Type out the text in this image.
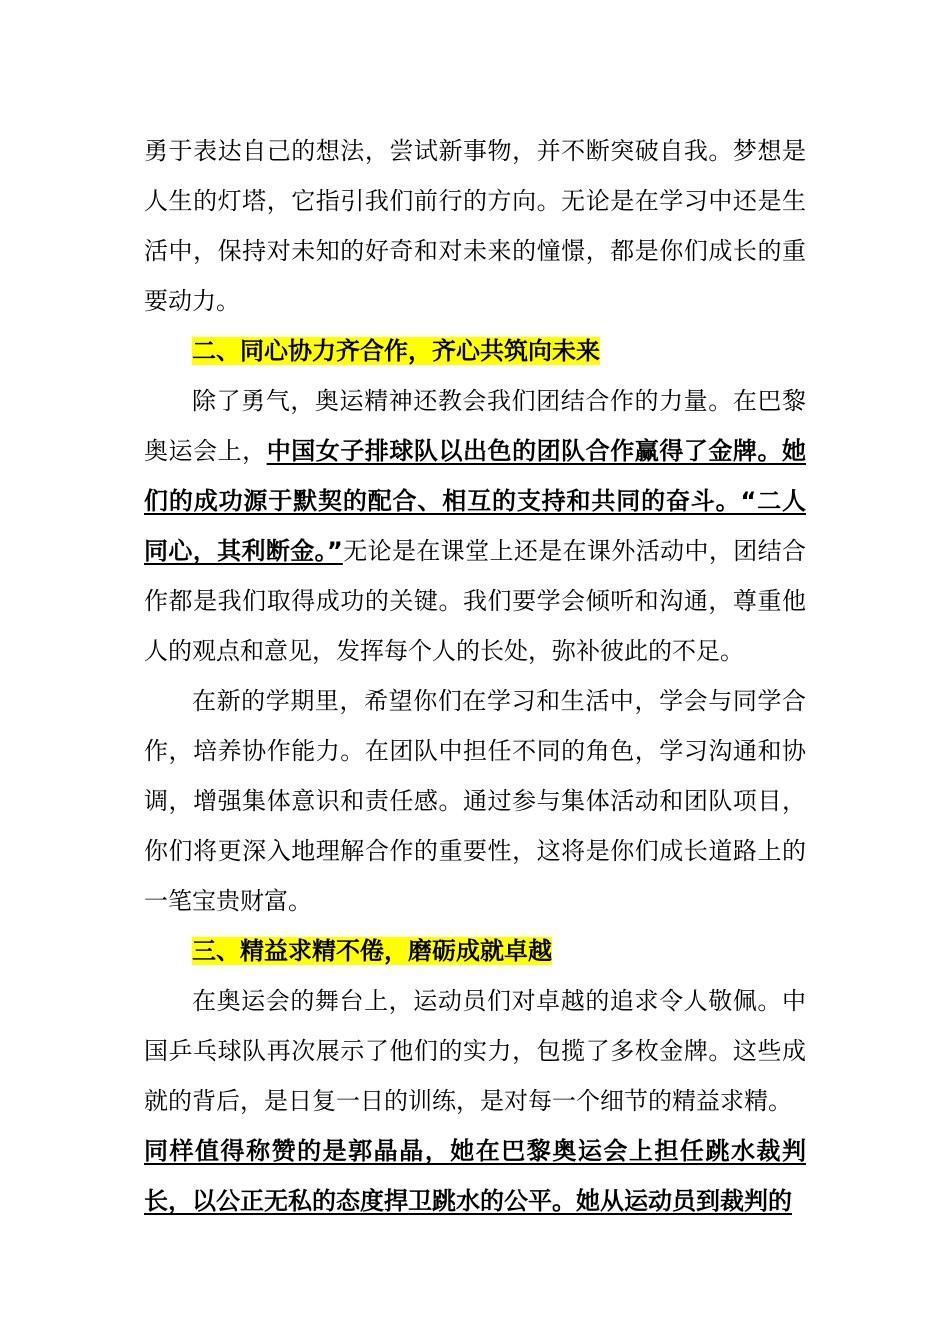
勇于表达自己的想法，尝试新事物，并不断突破自我。梦想是人生的灯塔，它指引我们前行的方向。无论是在学习中还是生活中，保持对未知的好奇和对未来的憧憬，都是你们成长的重要动力。

二、同心协力齐合作，齐心共筑向未来

除了勇气，奥运精神还教会我们团结合作的力量。在巴黎奥运会上，中国女子排球队以出色的团队合作赢得了金牌。她们的成功源于默契的配合、相互的支持和共同的奋斗。“二人同心，其利断金。”无论是在课堂上还是在课外活动中，团结合作都是我们取得成功的关键。我们要学会倾听和沟通，尊重他人的观点和意见，发挥每个人的长处，弥补彼此的不足。

在新的学期里，希望你们在学习和生活中，学会与同学合作，培养协作能力。在团队中担任不同的角色，学习沟通和协调，增强集体意识和责任感。通过参与集体活动和团队项目，你们将更深入地理解合作的重要性，这将是你们成长道路上的一笔宝贵财富。

三、精益求精不倦，磨砺成就卓越

在奥运会的舞台上，运动员们对卓越的追求令人敬佩。中国乒乓球队再次展示了他们的实力，包揽了多枚金牌。这些成就的背后，是日复一日的训练，是对每一个细节的精益求精。

同样值得称赞的是郭晶晶，她在巴黎奥运会上担任跳水裁判长，以公正无私的态度捍卫跳水的公平。她从运动员到裁判的
